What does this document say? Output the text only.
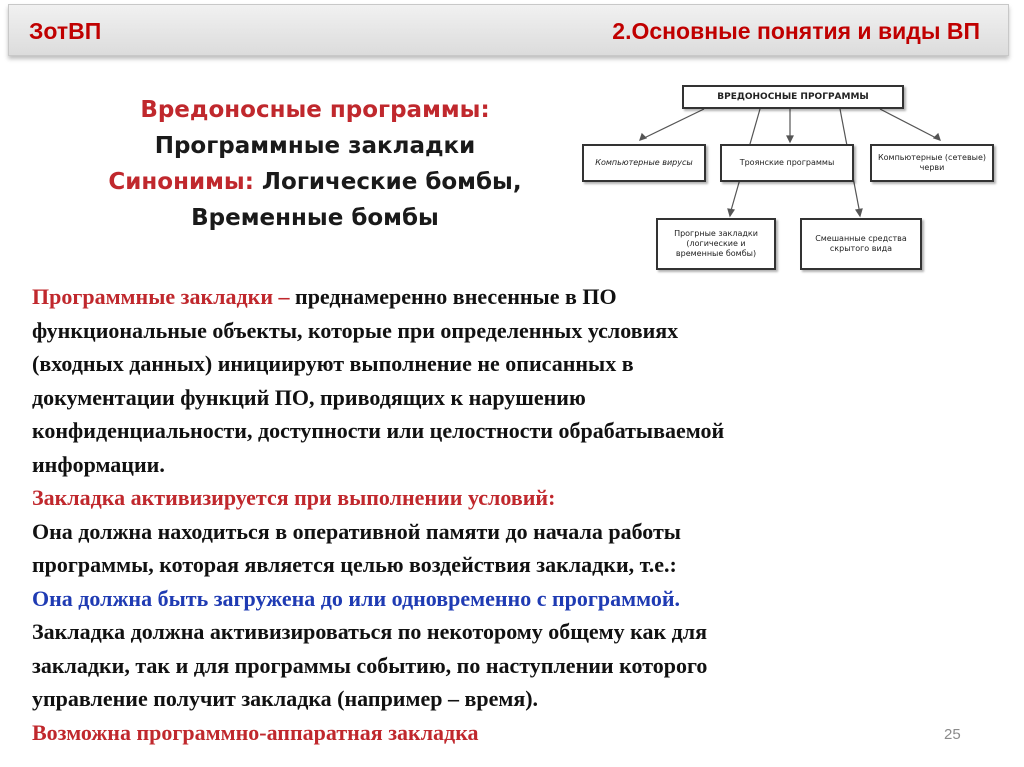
ЗотВП	2.Основные понятия и виды ВП
Вредоносные программы:
Программные закладки
Синонимы: Логические бомбы,
Временные бомбы
ВРЕДОНОСНЫЕ ПРОГРАММЫ
Компьютерные вирусы	Троянские программы
Компьютерные (сетевые) черви
Прогрные закладки (логические и временные бомбы)
Смешанные средства скрытого вида
Программные закладки – преднамеренно внесенные в ПО
функциональные объекты, которые при определенных условиях
(входных данных) инициируют выполнение не описанных в
документации функций ПО, приводящих к нарушению
конфиденциальности, доступности или целостности обрабатываемой
информации.
Закладка активизируется при выполнении условий:
Она должна находиться в оперативной памяти до начала работы
программы, которая является целью воздействия закладки, т.е.:
Она должна быть загружена до или одновременно с программой.
Закладка должна активизироваться по некоторому общему как для
закладки, так и для программы событию, по наступлении которого
управление получит закладка (например – время).
Возможна программно-аппаратная закладка	25
